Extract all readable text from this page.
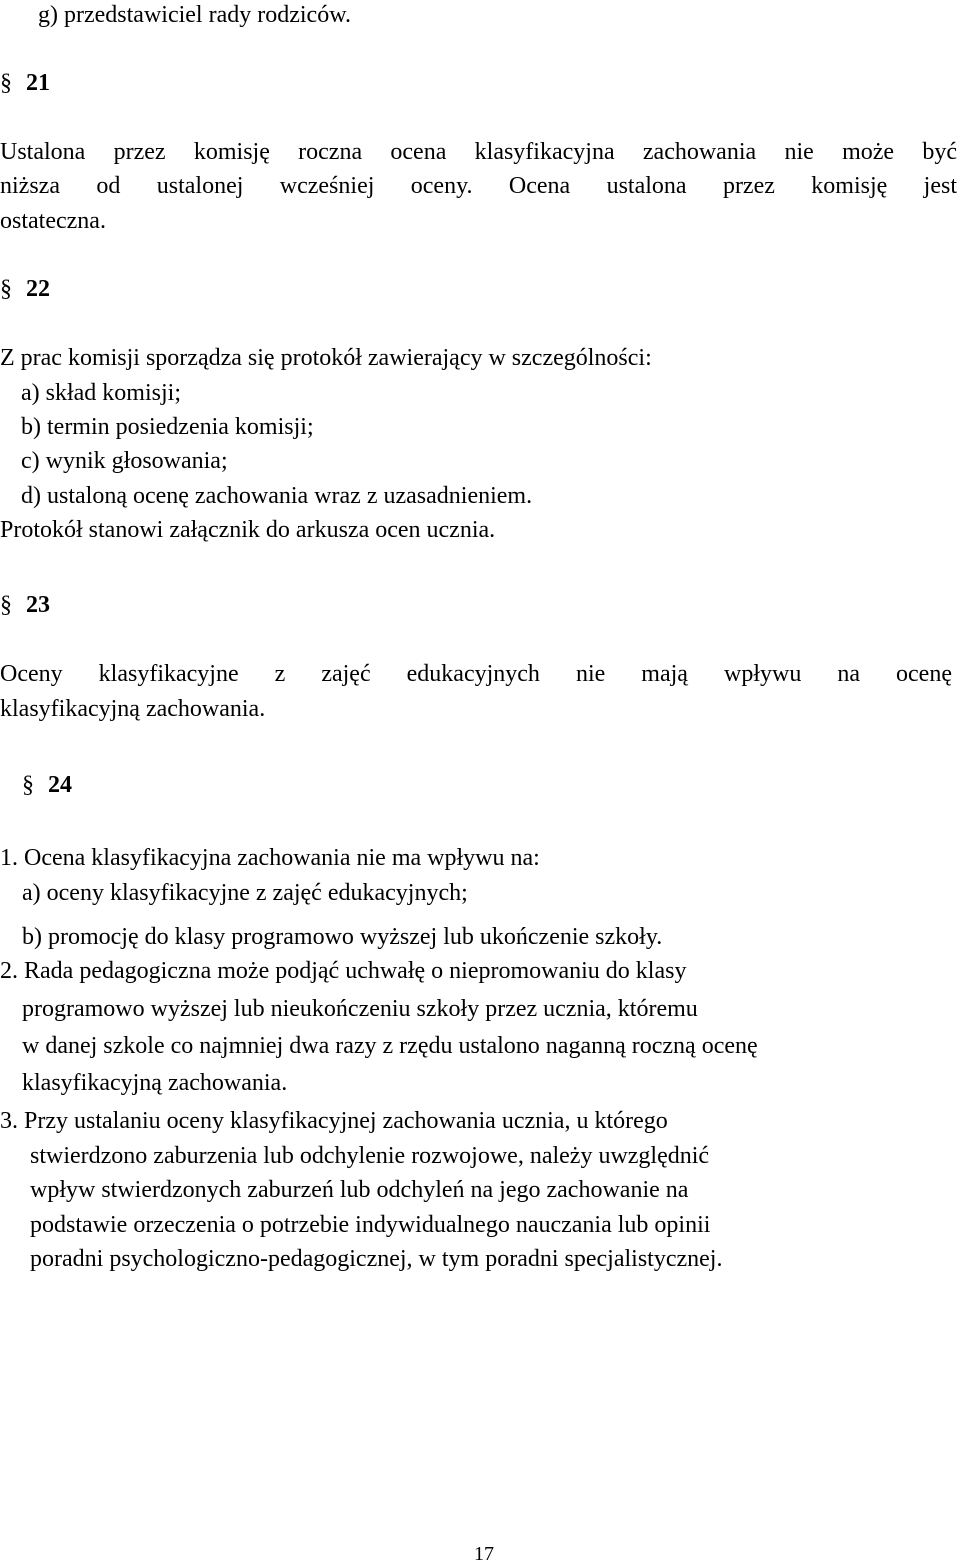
g) przedstawiciel rady rodziców.
§ 21
Ustalona przez komisję roczna ocena klasyfikacyjna zachowania nie może być
niższa od ustalonej wcześniej oceny. Ocena ustalona przez komisję jest
ostateczna.
§ 22
Z prac komisji sporządza się protokół zawierający w szczególności:
a) skład komisji;
b) termin posiedzenia komisji;
c) wynik głosowania;
d) ustaloną ocenę zachowania wraz z uzasadnieniem.
Protokół stanowi załącznik do arkusza ocen ucznia.
§ 23
Oceny klasyfikacyjne z zajęć edukacyjnych nie mają wpływu na ocenę
klasyfikacyjną zachowania.
§ 24
1. Ocena klasyfikacyjna zachowania nie ma wpływu na:
a) oceny klasyfikacyjne z zajęć edukacyjnych;
b) promocję do klasy programowo wyższej lub ukończenie szkoły.
2. Rada pedagogiczna może podjąć uchwałę o niepromowaniu do klasy
programowo wyższej lub nieukończeniu szkoły przez ucznia, któremu
w danej szkole co najmniej dwa razy z rzędu ustalono naganną roczną ocenę
klasyfikacyjną zachowania.
3. Przy ustalaniu oceny klasyfikacyjnej zachowania ucznia, u którego
stwierdzono zaburzenia lub odchylenie rozwojowe, należy uwzględnić
wpływ stwierdzonych zaburzeń lub odchyleń na jego zachowanie na
podstawie orzeczenia o potrzebie indywidualnego nauczania lub opinii
poradni psychologiczno-pedagogicznej, w tym poradni specjalistycznej.
17
